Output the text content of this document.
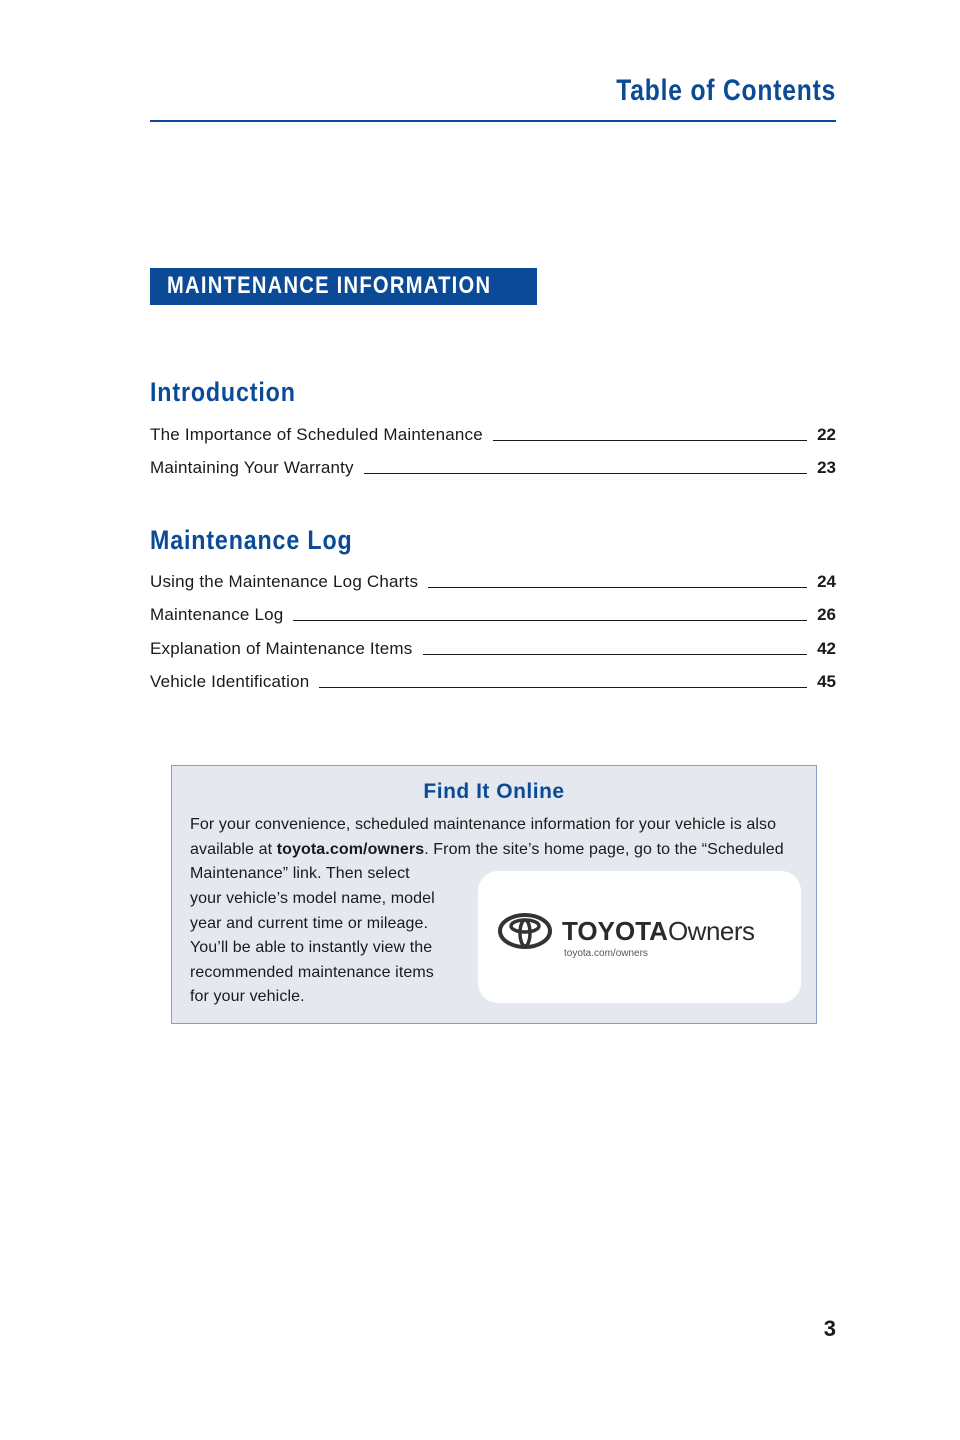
Table of Contents
MAINTENANCE INFORMATION
Introduction
The Importance of Scheduled Maintenance	22
Maintaining Your Warranty	23
Maintenance Log
Using the Maintenance Log Charts	24
Maintenance Log	26
Explanation of Maintenance Items	42
Vehicle Identification	45
Find It Online
For your convenience, scheduled maintenance information for your vehicle is also
available at toyota.com/owners. From the site’s home page, go to the “Scheduled
Maintenance” link. Then select
your vehicle’s model name, model
year and current time or mileage.
You’ll be able to instantly view the
recommended maintenance items
for your vehicle.
TOYOTAOwners
toyota.com/owners
3
